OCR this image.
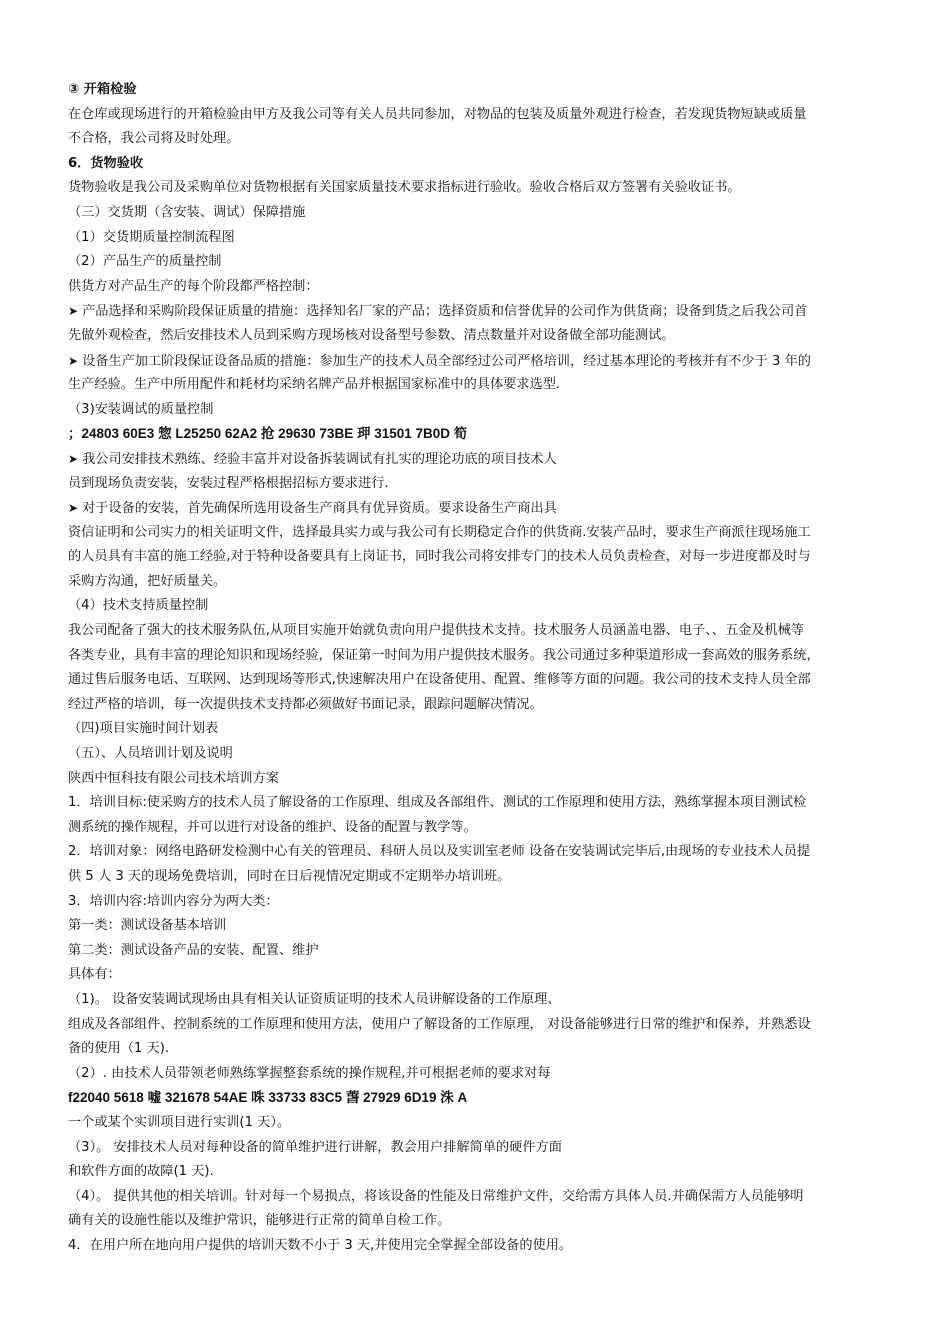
③ 开箱检验
在仓库或现场进行的开箱检验由甲方及我公司等有关人员共同参加，对物品的包装及质量外观进行检查，若发现货物短缺或质量
不合格，我公司将及时处理。
6．货物验收
货物验收是我公司及采购单位对货物根据有关国家质量技术要求指标进行验收。验收合格后双方签署有关验收证书。
（三）交货期（含安装、调试）保障措施
（1）交货期质量控制流程图
（2）产品生产的质量控制
供货方对产品生产的每个阶段都严格控制：
➤ 产品选择和采购阶段保证质量的措施：选择知名厂家的产品；选择资质和信誉优异的公司作为供货商；设备到货之后我公司首
先做外观检查，然后安排技术人员到采购方现场核对设备型号参数、清点数量并对设备做全部功能测试。
➤ 设备生产加工阶段保证设备品质的措施：参加生产的技术人员全部经过公司严格培训，经过基本理论的考核并有不少于 3 年的
生产经验。生产中所用配件和耗材均采纳名牌产品并根据国家标准中的具体要求选型.
（3)安装调试的质量控制
；24803 60E3 惣 L25250 62A2 抢 29630 73BE 玾 31501 7B0D 筍
➤ 我公司安排技术熟练、经验丰富并对设备拆装调试有扎实的理论功底的项目技术人
员到现场负责安装，安装过程严格根据招标方要求进行.
➤ 对于设备的安装，首先确保所选用设备生产商具有优异资质。要求设备生产商出具
资信证明和公司实力的相关证明文件，选择最具实力或与我公司有长期稳定合作的供货商.安装产品时，要求生产商派往现场施工
的人员具有丰富的施工经验,对于特种设备要具有上岗证书，同时我公司将安排专门的技术人员负责检查，对每一步进度都及时与
采购方沟通，把好质量关。
（4）技术支持质量控制
我公司配备了强大的技术服务队伍,从项目实施开始就负责向用户提供技术支持。技术服务人员涵盖电器、电子、、五金及机械等
各类专业，具有丰富的理论知识和现场经验，保证第一时间为用户提供技术服务。我公司通过多种渠道形成一套高效的服务系统，
通过售后服务电话、互联网、达到现场等形式,快速解决用户在设备使用、配置、维修等方面的问题。我公司的技术支持人员全部
经过严格的培训，每一次提供技术支持都必须做好书面记录，跟踪问题解决情况。
（四)项目实施时间计划表
（五）、人员培训计划及说明
陕西中恒科技有限公司技术培训方案
1．培训目标:使采购方的技术人员了解设备的工作原理、组成及各部组件、测试的工作原理和使用方法，熟练掌握本项目测试检
测系统的操作规程，并可以进行对设备的维护、设备的配置与教学等。
2．培训对象：网络电路研发检测中心有关的管理员、科研人员以及实训室老师 设备在安装调试完毕后,由现场的专业技术人员提
供 5 人 3 天的现场免费培训，同时在日后视情况定期或不定期举办培训班。
3．培训内容:培训内容分为两大类：
第一类：测试设备基本培训
第二类：测试设备产品的安装、配置、维护
具体有：
（1)。 设备安装调试现场由具有相关认证资质证明的技术人员讲解设备的工作原理、
组成及各部组件、控制系统的工作原理和使用方法，使用户了解设备的工作原理， 对设备能够进行日常的维护和保养，并熟悉设
备的使用（1 天).
（2）. 由技术人员带领老师熟练掌握整套系统的操作规程,并可根据老师的要求对每
f22040 5618 嘘 321678 54AE 咮 33733 83C5 萅 27929 6D19 洙 A
一个或某个实训项目进行实训(1 天）。
（3）。 安排技术人员对每种设备的简单维护进行讲解，教会用户排解简单的硬件方面
和软件方面的故障(1 天).
（4）。 提供其他的相关培训。针对每一个易损点，将该设备的性能及日常维护文件，交给需方具体人员.并确保需方人员能够明
确有关的设施性能以及维护常识，能够进行正常的简单自检工作。
4．在用户所在地向用户提供的培训天数不小于 3 天,并使用完全掌握全部设备的使用。
